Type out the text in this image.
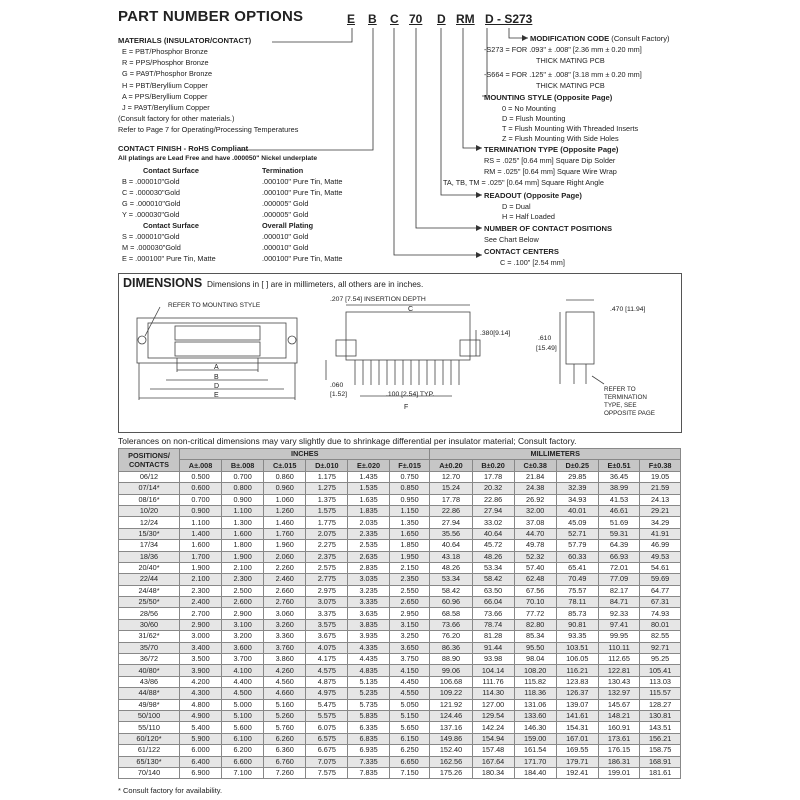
PART NUMBER OPTIONS	E B C 70 D RM D - S273
MATERIALS (INSULATOR/CONTACT)
E = PBT/Phosphor Bronze
R = PPS/Phosphor Bronze
G = PA9T/Phosphor Bronze
H = PBT/Beryllium Copper
A = PPS/Beryllium Copper
J = PA9T/Beryllium Copper
(Consult factory for other materials.)
Refer to Page 7 for Operating/Processing Temperatures
CONTACT FINISH - RoHS Compliant
All platings are Lead Free and have .000050" Nickel underplate
Contact Surface	Termination
B = .000010"Gold	.000100" Pure Tin, Matte
C = .000030"Gold	.000100" Pure Tin, Matte
G = .000010"Gold	.000005" Gold
Y = .000030"Gold	.000005" Gold
Contact Surface	Overall Plating
S = .000010"Gold	.000010" Gold
M = .000030"Gold	.000010" Gold
E = .000100" Pure Tin, Matte	.000100" Pure Tin, Matte
MODIFICATION CODE (Consult Factory)
-S273 = FOR .093" ± .008" [2.36 mm ± 0.20 mm]
THICK MATING PCB
-S664 = FOR .125" ± .008" [3.18 mm ± 0.20 mm]
THICK MATING PCB
MOUNTING STYLE (Opposite Page)
0 = No Mounting
D = Flush Mounting
T = Flush Mounting With Threaded Inserts
Z = Flush Mounting With Side Holes
TERMINATION TYPE (Opposite Page)
RS = .025" [0.64 mm] Square Dip Solder
RM = .025" [0.64 mm] Square Wire Wrap
TA, TB, TM = .025" [0.64 mm] Square Right Angle
READOUT (Opposite Page)
D = Dual
H = Half Loaded
NUMBER OF CONTACT POSITIONS
See Chart Below
CONTACT CENTERS
C = .100" [2.54 mm]
DIMENSIONS Dimensions in [ ] are in millimeters, all others are in inches.
REFER TO MOUNTING STYLE
.207 [7.54] INSERTION DEPTH
C
A
B
D
E
F
.380[9.14]
.060
[1.52]	.100 [2.54] TYP.
.470 [11.94]
.610
[15.49]
REFER TO
TERMINATION
TYPE, SEE
OPPOSITE PAGE
Tolerances on non-critical dimensions may vary slightly due to shrinkage differential per insulator material; Consult factory.
POSITIONS/ CONTACTS	INCHES						MILLIMETERS					
	A±.008	B±.008	C±.015	D±.010	E±.020	F±.015	A±0.20	B±0.20	C±0.38	D±0.25	E±0.51	F±0.38
06/12	0.500	0.700	0.860	1.175	1.435	0.750	12.70	17.78	21.84	29.85	36.45	19.05
07/14*	0.600	0.800	0.960	1.275	1.535	0.850	15.24	20.32	24.38	32.39	38.99	21.59
08/16*	0.700	0.900	1.060	1.375	1.635	0.950	17.78	22.86	26.92	34.93	41.53	24.13
10/20	0.900	1.100	1.260	1.575	1.835	1.150	22.86	27.94	32.00	40.01	46.61	29.21
12/24	1.100	1.300	1.460	1.775	2.035	1.350	27.94	33.02	37.08	45.09	51.69	34.29
15/30*	1.400	1.600	1.760	2.075	2.335	1.650	35.56	40.64	44.70	52.71	59.31	41.91
17/34	1.600	1.800	1.960	2.275	2.535	1.850	40.64	45.72	49.78	57.79	64.39	46.99
18/36	1.700	1.900	2.060	2.375	2.635	1.950	43.18	48.26	52.32	60.33	66.93	49.53
20/40*	1.900	2.100	2.260	2.575	2.835	2.150	48.26	53.34	57.40	65.41	72.01	54.61
22/44	2.100	2.300	2.460	2.775	3.035	2.350	53.34	58.42	62.48	70.49	77.09	59.69
24/48*	2.300	2.500	2.660	2.975	3.235	2.550	58.42	63.50	67.56	75.57	82.17	64.77
25/50*	2.400	2.600	2.760	3.075	3.335	2.650	60.96	66.04	70.10	78.11	84.71	67.31
28/56	2.700	2.900	3.060	3.375	3.635	2.950	68.58	73.66	77.72	85.73	92.33	74.93
30/60	2.900	3.100	3.260	3.575	3.835	3.150	73.66	78.74	82.80	90.81	97.41	80.01
31/62*	3.000	3.200	3.360	3.675	3.935	3.250	76.20	81.28	85.34	93.35	99.95	82.55
35/70	3.400	3.600	3.760	4.075	4.335	3.650	86.36	91.44	95.50	103.51	110.11	92.71
36/72	3.500	3.700	3.860	4.175	4.435	3.750	88.90	93.98	98.04	106.05	112.65	95.25
40/80*	3.900	4.100	4.260	4.575	4.835	4.150	99.06	104.14	108.20	116.21	122.81	105.41
43/86	4.200	4.400	4.560	4.875	5.135	4.450	106.68	111.76	115.82	123.83	130.43	113.03
44/88*	4.300	4.500	4.660	4.975	5.235	4.550	109.22	114.30	118.36	126.37	132.97	115.57
49/98*	4.800	5.000	5.160	5.475	5.735	5.050	121.92	127.00	131.06	139.07	145.67	128.27
50/100	4.900	5.100	5.260	5.575	5.835	5.150	124.46	129.54	133.60	141.61	148.21	130.81
55/110	5.400	5.600	5.760	6.075	6.335	5.650	137.16	142.24	146.30	154.31	160.91	143.51
60/120*	5.900	6.100	6.260	6.575	6.835	6.150	149.86	154.94	159.00	167.01	173.61	156.21
61/122	6.000	6.200	6.360	6.675	6.935	6.250	152.40	157.48	161.54	169.55	176.15	158.75
65/130*	6.400	6.600	6.760	7.075	7.335	6.650	162.56	167.64	171.70	179.71	186.31	168.91
70/140	6.900	7.100	7.260	7.575	7.835	7.150	175.26	180.34	184.40	192.41	199.01	181.61
* Consult factory for availability.
